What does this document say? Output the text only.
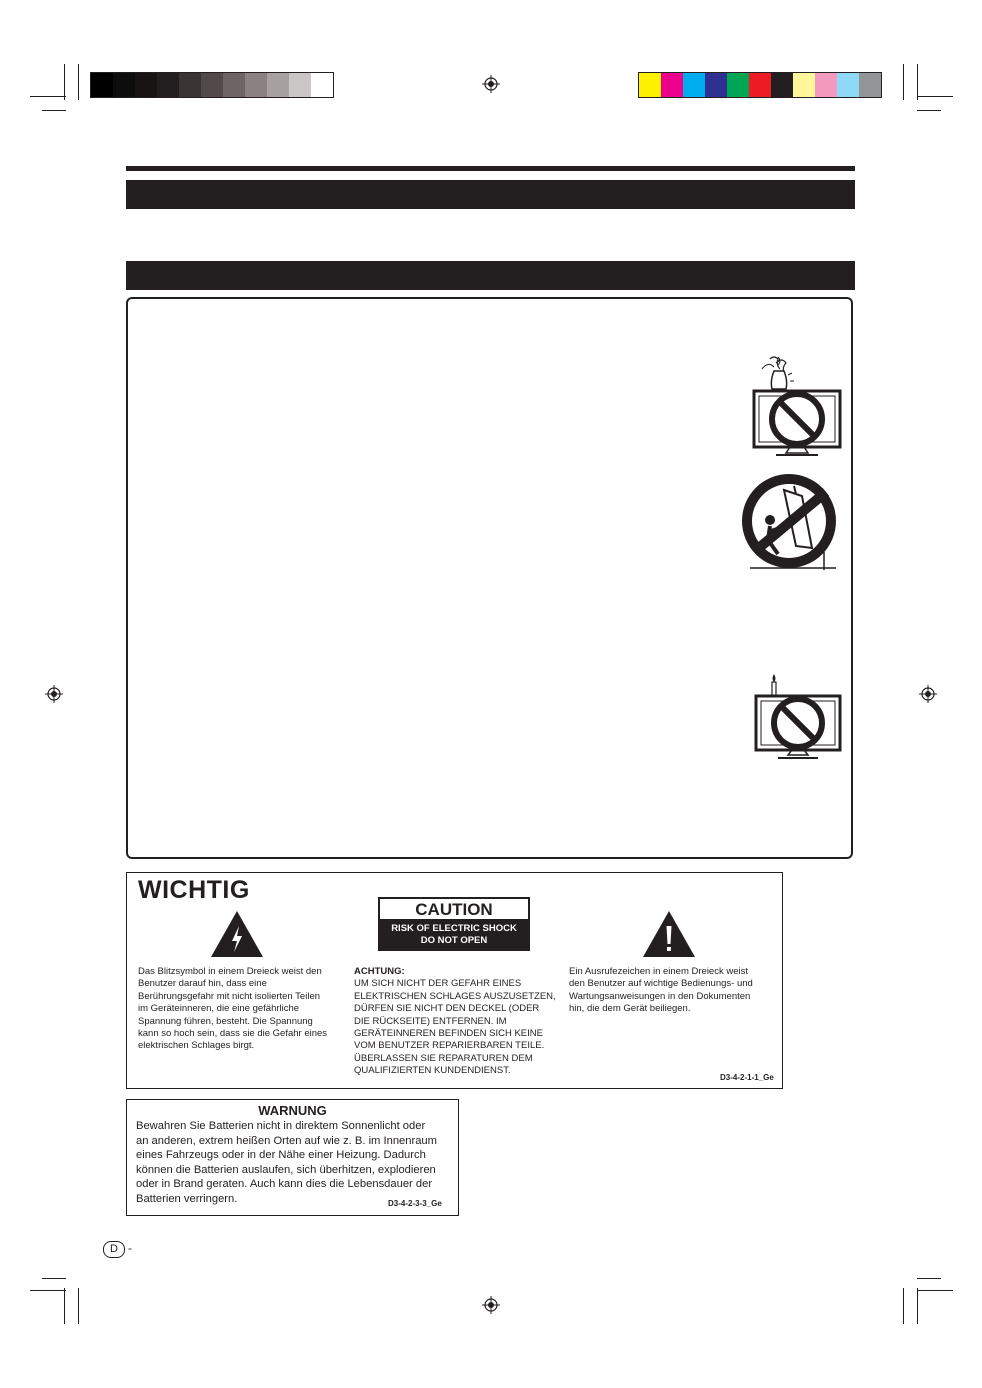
WICHTIG
Das Blitzsymbol in einem Dreieck weist den
Benutzer darauf hin, dass eine
Berührungsgefahr mit nicht isolierten Teilen
im Geräteinneren, die eine gefährliche
Spannung führen, besteht. Die Spannung
kann so hoch sein, dass sie die Gefahr eines
elektrischen Schlages birgt.
CAUTION
RISK OF ELECTRIC SHOCK
DO NOT OPEN
ACHTUNG:
UM SICH NICHT DER GEFAHR EINES
ELEKTRISCHEN SCHLAGES AUSZUSETZEN,
DÜRFEN SIE NICHT DEN DECKEL (ODER
DIE RÜCKSEITE) ENTFERNEN. IM
GERÄTEINNEREN BEFINDEN SICH KEINE
VOM BENUTZER REPARIERBAREN TEILE.
ÜBERLASSEN SIE REPARATUREN DEM
QUALIFIZIERTEN KUNDENDIENST.
Ein Ausrufezeichen in einem Dreieck weist
den Benutzer auf wichtige Bedienungs- und
Wartungsanweisungen in den Dokumenten
hin, die dem Gerät beiliegen.
D3-4-2-1-1_Ge
WARNUNG
Bewahren Sie Batterien nicht in direktem Sonnenlicht oder
an anderen, extrem heißen Orten auf wie z. B. im Innenraum
eines Fahrzeugs oder in der Nähe einer Heizung. Dadurch
können die Batterien auslaufen, sich überhitzen, explodieren
oder in Brand geraten. Auch kann dies die Lebensdauer der
Batterien verringern.	D3-4-2-3-3_Ge
D -
